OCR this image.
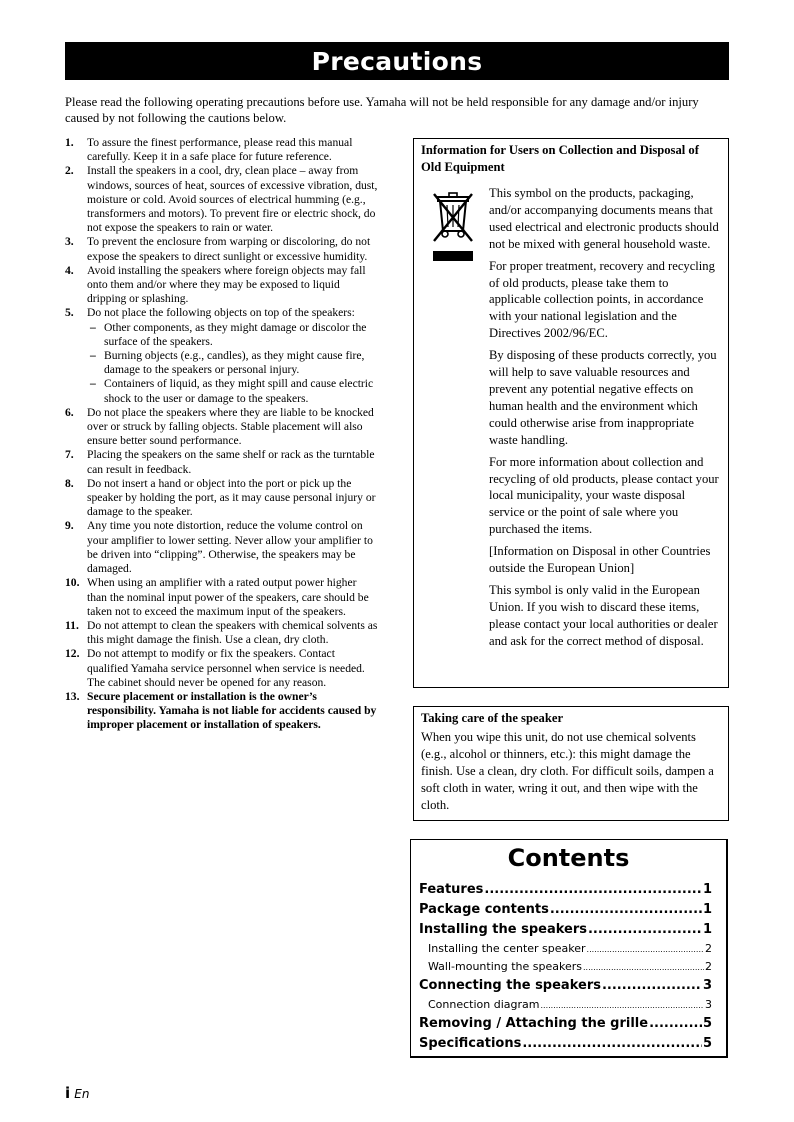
Precautions

Please read the following operating precautions before use. Yamaha will not be held responsible for any damage and/or injury caused by not following the cautions below.

1. To assure the finest performance, please read this manual carefully. Keep it in a safe place for future reference.
2. Install the speakers in a cool, dry, clean place – away from windows, sources of heat, sources of excessive vibration, dust, moisture or cold. Avoid sources of electrical humming (e.g., transformers and motors). To prevent fire or electric shock, do not expose the speakers to rain or water.
3. To prevent the enclosure from warping or discoloring, do not expose the speakers to direct sunlight or excessive humidity.
4. Avoid installing the speakers where foreign objects may fall onto them and/or where they may be exposed to liquid dripping or splashing.
5. Do not place the following objects on top of the speakers:
– Other components, as they might damage or discolor the surface of the speakers.
– Burning objects (e.g., candles), as they might cause fire, damage to the speakers or personal injury.
– Containers of liquid, as they might spill and cause electric shock to the user or damage to the speakers.
6. Do not place the speakers where they are liable to be knocked over or struck by falling objects. Stable placement will also ensure better sound performance.
7. Placing the speakers on the same shelf or rack as the turntable can result in feedback.
8. Do not insert a hand or object into the port or pick up the speaker by holding the port, as it may cause personal injury or damage to the speaker.
9. Any time you note distortion, reduce the volume control on your amplifier to lower setting. Never allow your amplifier to be driven into “clipping”. Otherwise, the speakers may be damaged.
10. When using an amplifier with a rated output power higher than the nominal input power of the speakers, care should be taken not to exceed the maximum input of the speakers.
11. Do not attempt to clean the speakers with chemical solvents as this might damage the finish. Use a clean, dry cloth.
12. Do not attempt to modify or fix the speakers. Contact qualified Yamaha service personnel when service is needed. The cabinet should never be opened for any reason.
13. Secure placement or installation is the owner’s responsibility. Yamaha is not liable for accidents caused by improper placement or installation of speakers.

Information for Users on Collection and Disposal of Old Equipment

This symbol on the products, packaging, and/or accompanying documents means that used electrical and electronic products should not be mixed with general household waste.

For proper treatment, recovery and recycling of old products, please take them to applicable collection points, in accordance with your national legislation and the Directives 2002/96/EC.

By disposing of these products correctly, you will help to save valuable resources and prevent any potential negative effects on human health and the environment which could otherwise arise from inappropriate waste handling.

For more information about collection and recycling of old products, please contact your local municipality, your waste disposal service or the point of sale where you purchased the items.

[Information on Disposal in other Countries outside the European Union]

This symbol is only valid in the European Union. If you wish to discard these items, please contact your local authorities or dealer and ask for the correct method of disposal.

Taking care of the speaker

When you wipe this unit, do not use chemical solvents (e.g., alcohol or thinners, etc.): this might damage the finish. Use a clean, dry cloth. For difficult soils, dampen a soft cloth in water, wring it out, and then wipe with the cloth.

Contents
Features .....	1
Package contents .....	1
Installing the speakers .....	1
Installing the center speaker .....	2
Wall-mounting the speakers .....	2
Connecting the speakers .....	3
Connection diagram .....	3
Removing / Attaching the grille .....	5
Specifications .....	5
i En
